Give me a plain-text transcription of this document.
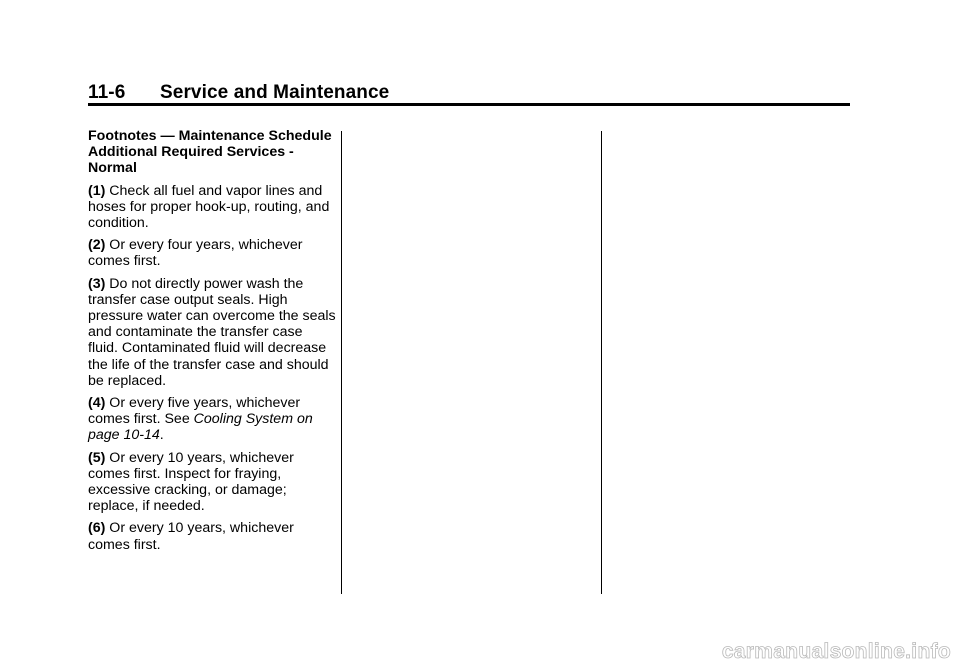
11-6 Service and Maintenance

Footnotes — Maintenance Schedule Additional Required Services - Normal

(1) Check all fuel and vapor lines and hoses for proper hook-up, routing, and condition.

(2) Or every four years, whichever comes first.

(3) Do not directly power wash the transfer case output seals. High pressure water can overcome the seals and contaminate the transfer case fluid. Contaminated fluid will decrease the life of the transfer case and should be replaced.

(4) Or every five years, whichever comes first. See Cooling System on page 10-14.

(5) Or every 10 years, whichever comes first. Inspect for fraying, excessive cracking, or damage; replace, if needed.

(6) Or every 10 years, whichever comes first.

carmanualsonline.info
